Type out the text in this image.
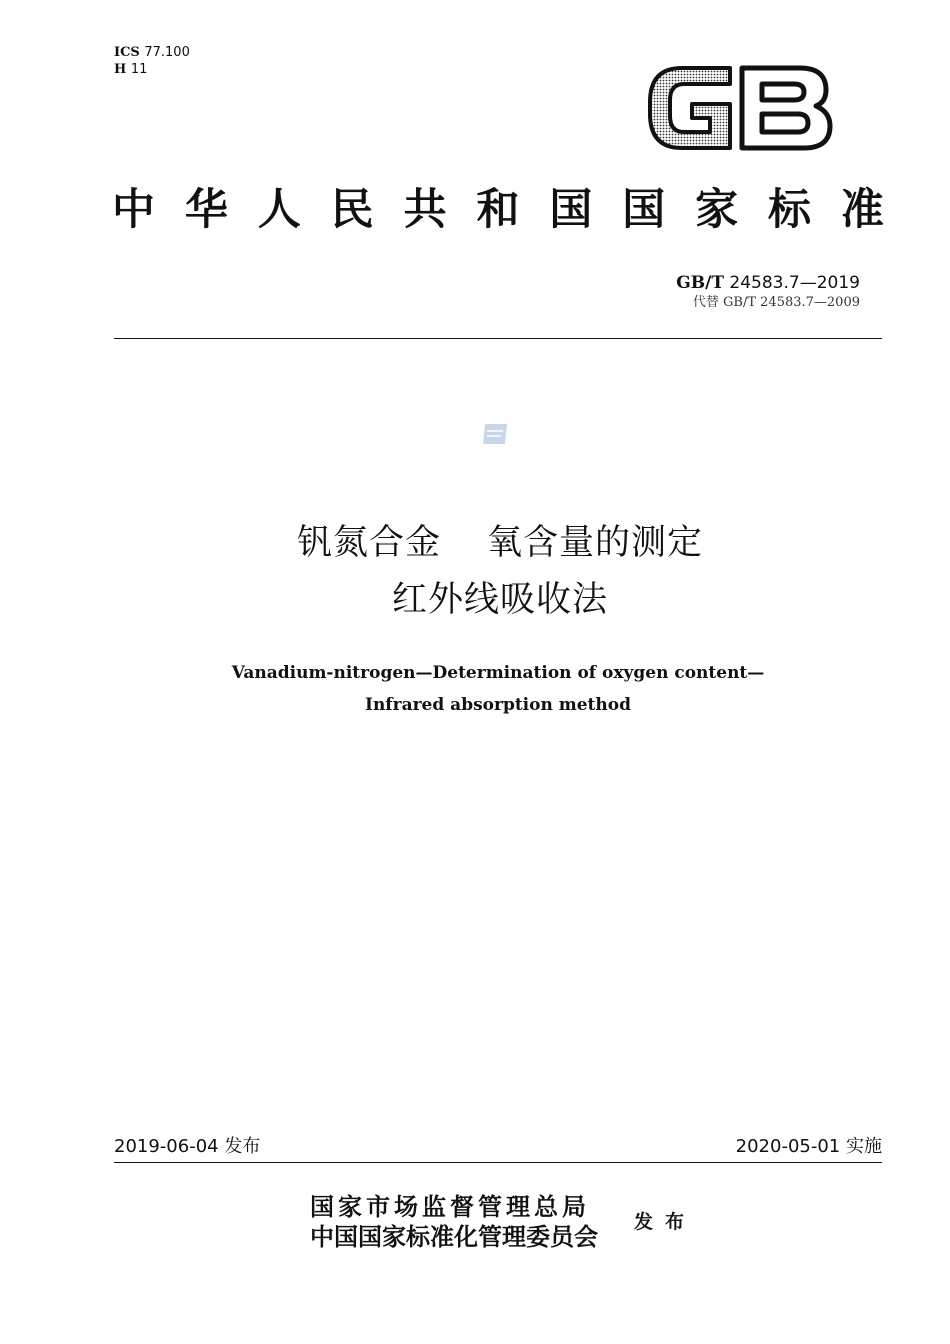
ICS 77.100
H 11
中 华 人 民 共 和 国 国 家 标 准
GB/T 24583.7—2019
代替 GB/T 24583.7—2009
钒氮合金 氧含量的测定
红外线吸收法
Vanadium-nitrogen—Determination of oxygen content—
Infrared absorption method
2019-06-04 发布	2020-05-01 实施
国家市场监督管理总局
中国国家标准化管理委员会 发布
